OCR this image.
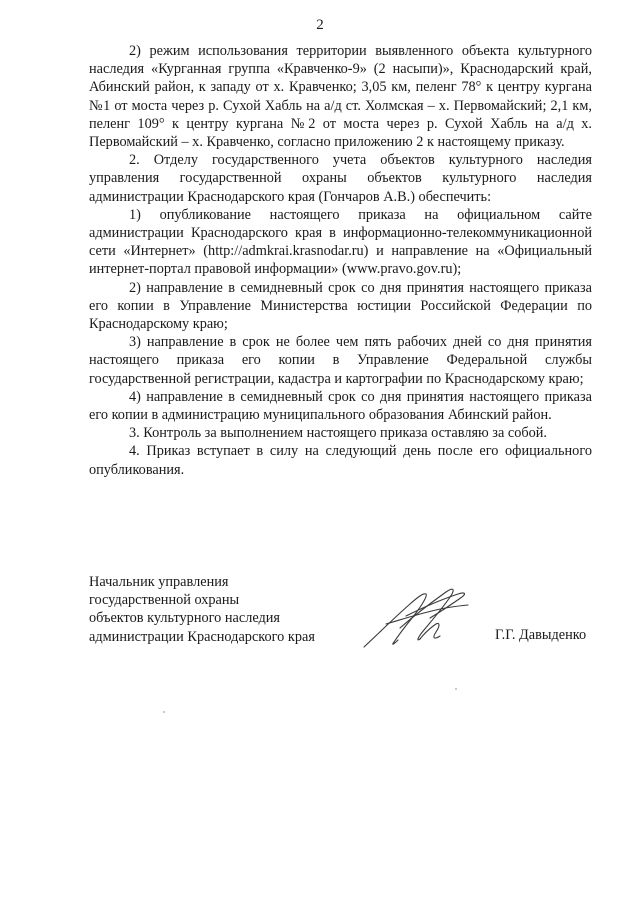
2

2) режим использования территории выявленного объекта культурного наследия «Курганная группа «Кравченко-9» (2 насыпи)», Краснодарский край, Абинский район, к западу от х. Кравченко; 3,05 км, пеленг 78° к центру кургана №1 от моста через р. Сухой Хабль на а/д ст. Холмская – х. Первомайский; 2,1 км, пеленг 109° к центру кургана №2 от моста через р. Сухой Хабль на а/д х. Первомайский – х. Кравченко, согласно приложению 2 к настоящему приказу.

2. Отделу государственного учета объектов культурного наследия управления государственной охраны объектов культурного наследия администрации Краснодарского края (Гончаров А.В.) обеспечить:

1) опубликование настоящего приказа на официальном сайте администрации Краснодарского края в информационно-телекоммуникационной сети «Интернет» (http://admkrai.krasnodar.ru) и направление на «Официальный интернет-портал правовой информации» (www.pravo.gov.ru);

2) направление в семидневный срок со дня принятия настоящего приказа его копии в Управление Министерства юстиции Российской Федерации по Краснодарскому краю;

3) направление в срок не более чем пять рабочих дней со дня принятия настоящего приказа его копии в Управление Федеральной службы государственной регистрации, кадастра и картографии по Краснодарскому краю;

4) направление в семидневный срок со дня принятия настоящего приказа его копии в администрацию муниципального образования Абинский район.

3. Контроль за выполнением настоящего приказа оставляю за собой.

4. Приказ вступает в силу на следующий день после его официального опубликования.

Начальник управления
государственной охраны
объектов культурного наследия
администрации Краснодарского края	Г.Г. Давыденко
